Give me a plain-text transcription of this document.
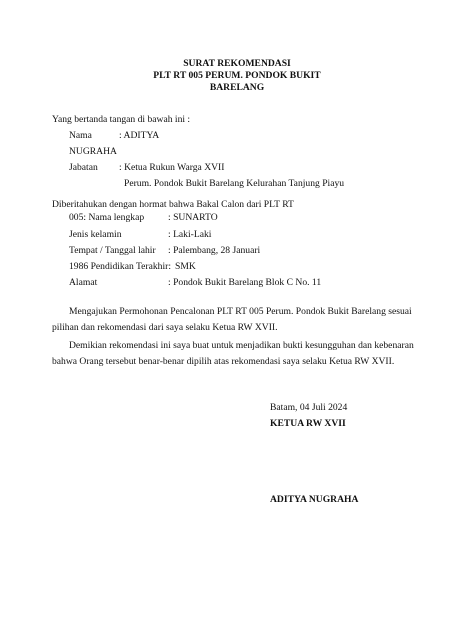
SURAT REKOMENDASI
PLT RT 005 PERUM. PONDOK BUKIT
BARELANG
Yang bertanda tangan di bawah ini :
Nama	: ADITYA
NUGRAHA
Jabatan : Ketua Rukun Warga XVII
Perum. Pondok Bukit Barelang Kelurahan Tanjung Piayu
Diberitahukan dengan hormat bahwa Bakal Calon dari PLT RT
005: Nama lengkap : SUNARTO
Jenis kelamin	: Laki-Laki
Tempat / Tanggal lahir : Palembang, 28 Januari
1986 Pendidikan Terakhir: SMK
Alamat	: Pondok Bukit Barelang Blok C No. 11
Mengajukan Permohonan Pencalonan PLT RT 005 Perum. Pondok Bukit Barelang sesuai
pilihan dan rekomendasi dari saya selaku Ketua RW XVII.
Demikian rekomendasi ini saya buat untuk menjadikan bukti kesungguhan dan kebenaran
bahwa Orang tersebut benar-benar dipilih atas rekomendasi saya selaku Ketua RW XVII.
Batam, 04 Juli 2024
KETUA RW XVII
ADITYA NUGRAHA
